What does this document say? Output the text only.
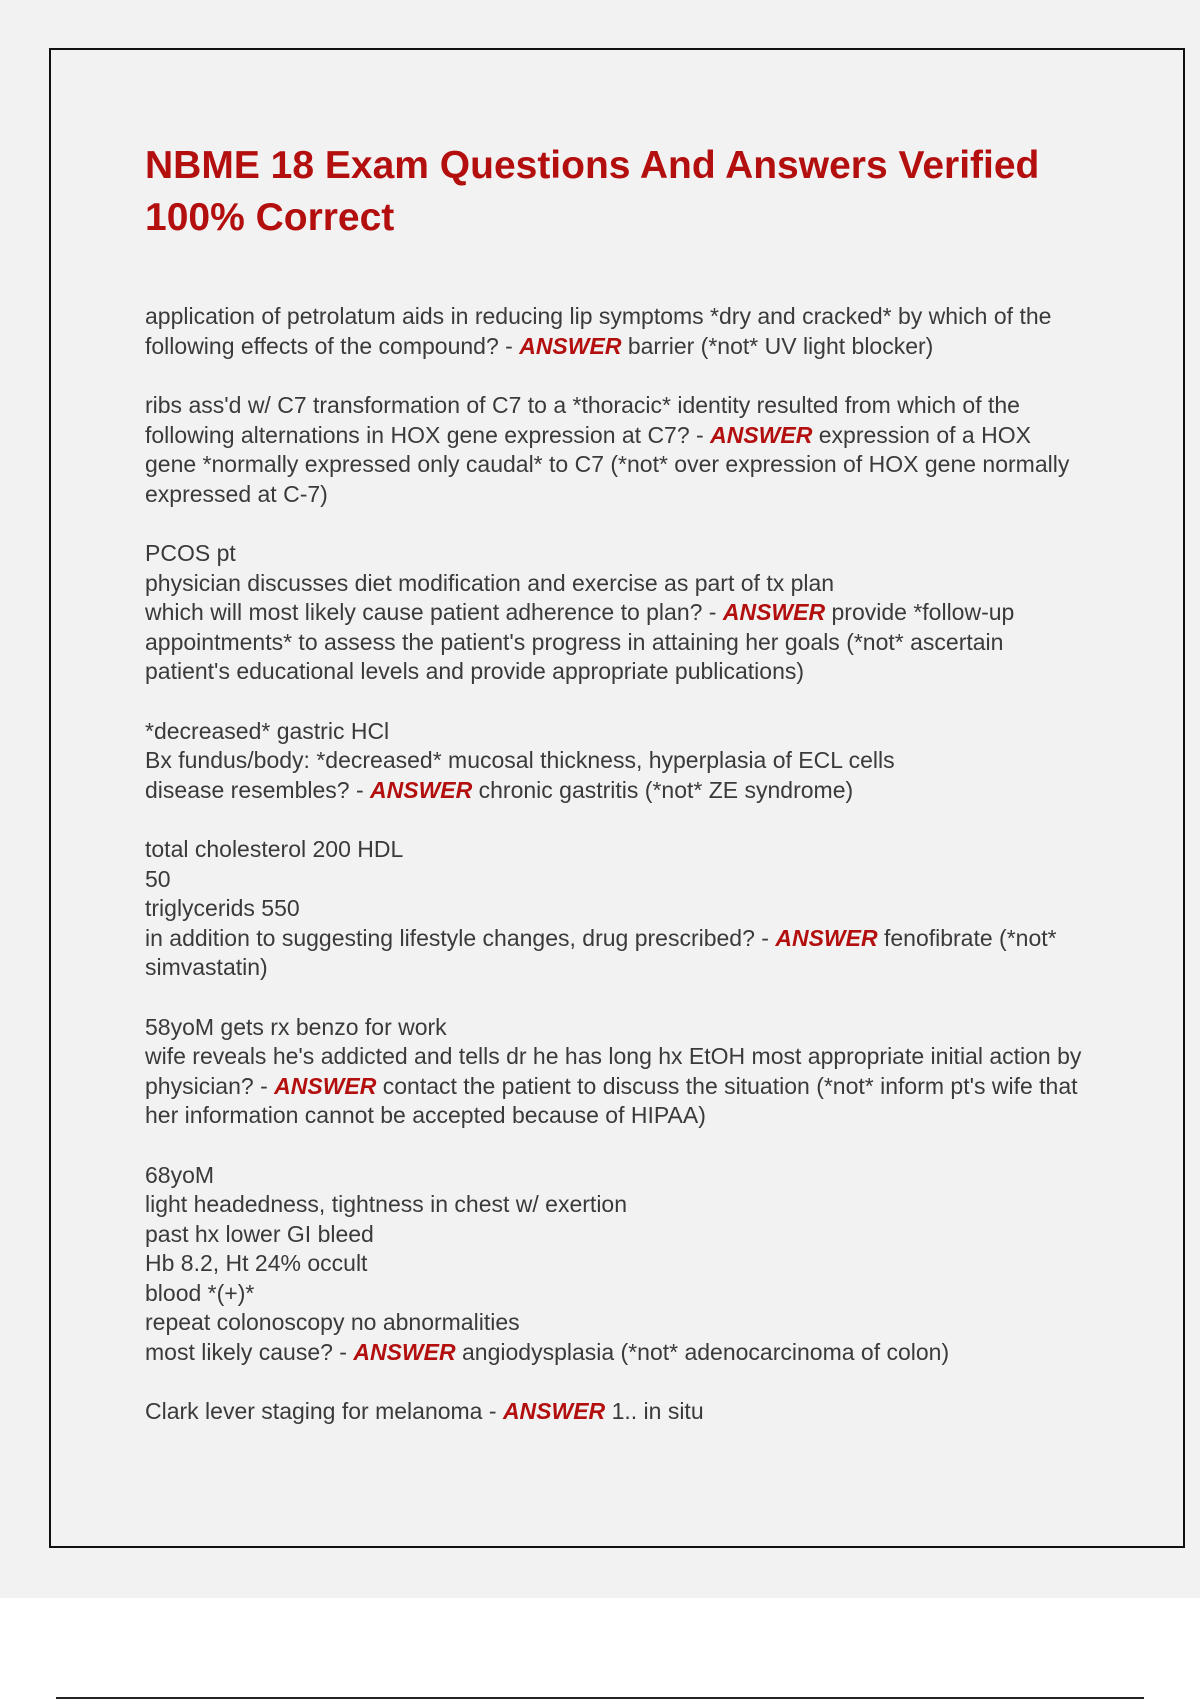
NBME 18 Exam Questions And Answers Verified 100% Correct

application of petrolatum aids in reducing lip symptoms *dry and cracked* by which of the following effects of the compound? - ANSWER barrier (*not* UV light blocker)

ribs ass'd w/ C7 transformation of C7 to a *thoracic* identity resulted from which of the following alternations in HOX gene expression at C7? - ANSWER expression of a HOX gene *normally expressed only caudal* to C7 (*not* over expression of HOX gene normally expressed at C-7)

PCOS pt
physician discusses diet modification and exercise as part of tx plan
which will most likely cause patient adherence to plan? - ANSWER provide *follow-up appointments* to assess the patient's progress in attaining her goals (*not* ascertain patient's educational levels and provide appropriate publications)

*decreased* gastric HCl
Bx fundus/body: *decreased* mucosal thickness, hyperplasia of ECL cells
disease resembles? - ANSWER chronic gastritis (*not* ZE syndrome)

total cholesterol 200 HDL
50
triglycerids 550
in addition to suggesting lifestyle changes, drug prescribed? - ANSWER fenofibrate (*not* simvastatin)

58yoM gets rx benzo for work
wife reveals he's addicted and tells dr he has long hx EtOH most appropriate initial action by physician? - ANSWER contact the patient to discuss the situation (*not* inform pt's wife that her information cannot be accepted because of HIPAA)

68yoM
light headedness, tightness in chest w/ exertion
past hx lower GI bleed
Hb 8.2, Ht 24% occult
blood *(+)*
repeat colonoscopy no abnormalities
most likely cause? - ANSWER angiodysplasia (*not* adenocarcinoma of colon)

Clark lever staging for melanoma - ANSWER 1.. in situ
